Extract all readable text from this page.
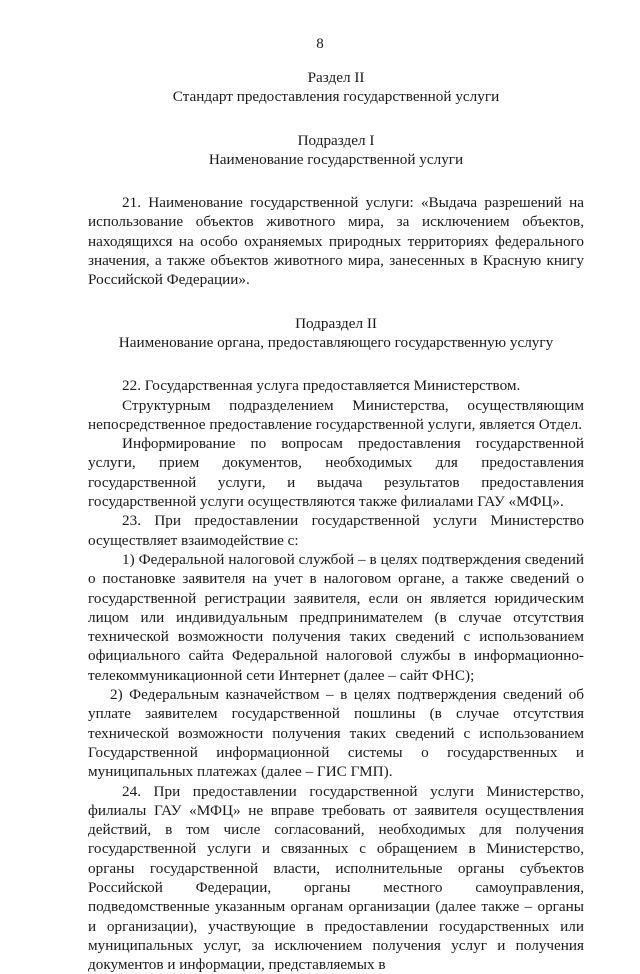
8

Раздел II

Стандарт предоставления государственной услуги

Подраздел I

Наименование государственной услуги

21. Наименование государственной услуги: «Выдача разрешений на использование объектов животного мира, за исключением объектов, находящихся на особо охраняемых природных территориях федерального значения, а также объектов животного мира, занесенных в Красную книгу Российской Федерации».

Подраздел II

Наименование органа, предоставляющего государственную услугу

22. Государственная услуга предоставляется Министерством.

Структурным подразделением Министерства, осуществляющим непосредственное предоставление государственной услуги, является Отдел.

Информирование по вопросам предоставления государственной услуги, прием документов, необходимых для предоставления государственной услуги, и выдача результатов предоставления государственной услуги осуществляются также филиалами ГАУ «МФЦ».

23. При предоставлении государственной услуги Министерство осуществляет взаимодействие с:

1) Федеральной налоговой службой – в целях подтверждения сведений о постановке заявителя на учет в налоговом органе, а также сведений о государственной регистрации заявителя, если он является юридическим лицом или индивидуальным предпринимателем (в случае отсутствия технической возможности получения таких сведений с использованием официального сайта Федеральной налоговой службы в информационно-телекоммуникационной сети Интернет (далее – сайт ФНС);

2) Федеральным казначейством – в целях подтверждения сведений об уплате заявителем государственной пошлины (в случае отсутствия технической возможности получения таких сведений с использованием Государственной информационной системы о государственных и муниципальных платежах (далее – ГИС ГМП).

24. При предоставлении государственной услуги Министерство, филиалы ГАУ «МФЦ» не вправе требовать от заявителя осуществления действий, в том числе согласований, необходимых для получения государственной услуги и связанных с обращением в Министерство, органы государственной власти, исполнительные органы субъектов Российской Федерации, органы местного самоуправления, подведомственные указанным органам организации (далее также – органы и организации), участвующие в предоставлении государственных или муниципальных услуг, за исключением получения услуг и получения документов и информации, представляемых в
